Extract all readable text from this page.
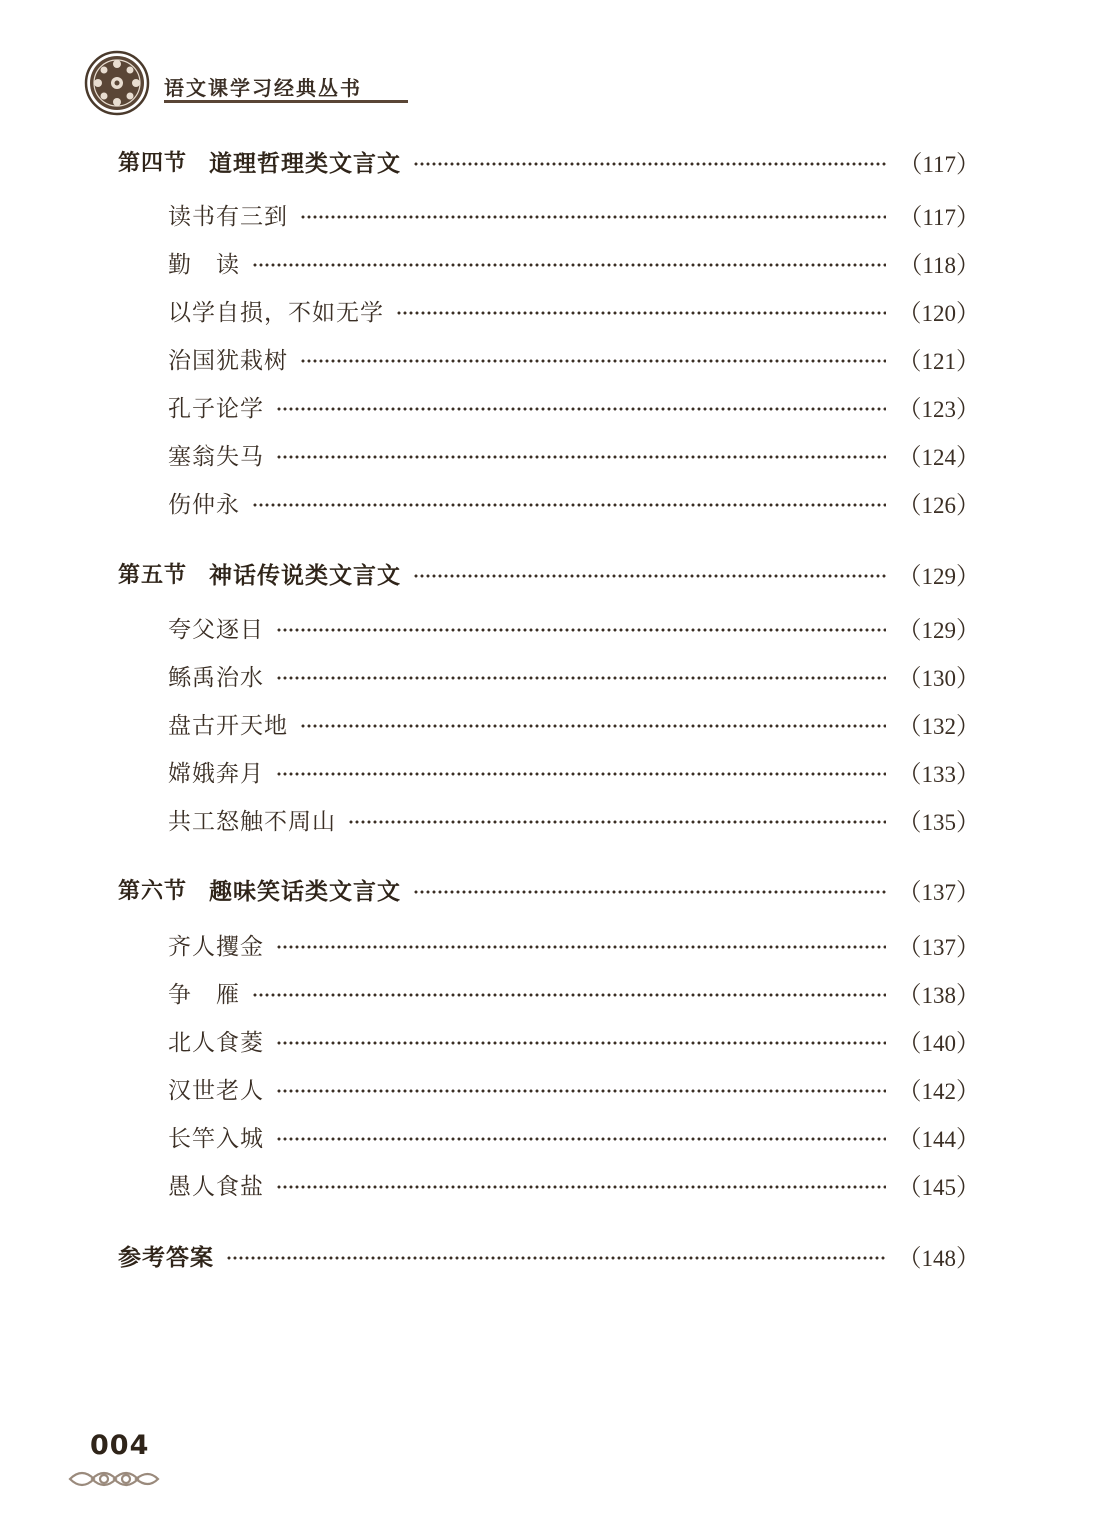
语文课学习经典丛书
第四节 道理哲理类文言文	（117）
读书有三到	（117）
勤　读	（118）
以学自损，不如无学	（120）
治国犹栽树	（121）
孔子论学	（123）
塞翁失马	（124）
伤仲永	（126）
第五节 神话传说类文言文	（129）
夸父逐日	（129）
鲧禹治水	（130）
盘古开天地	（132）
嫦娥奔月	（133）
共工怒触不周山	（135）
第六节 趣味笑话类文言文	（137）
齐人攫金	（137）
争　雁	（138）
北人食菱	（140）
汉世老人	（142）
长竿入城	（144）
愚人食盐	（145）
参考答案	（148）
004
